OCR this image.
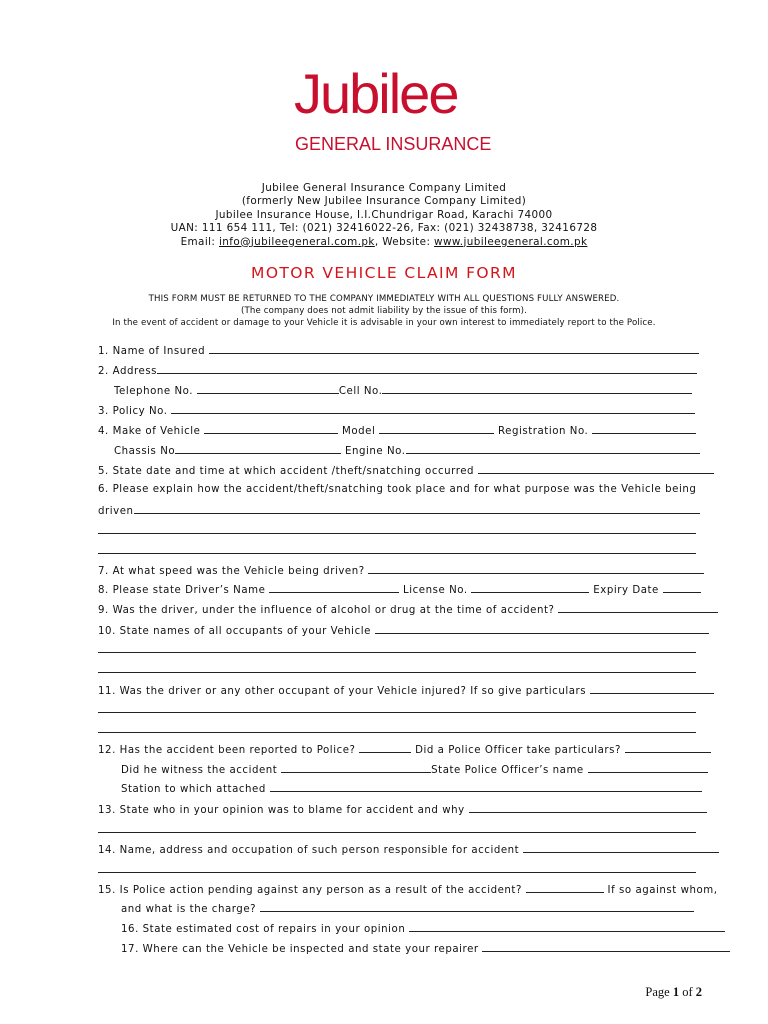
Jubilee
GENERAL INSURANCE
Jubilee General Insurance Company Limited
(formerly New Jubilee Insurance Company Limited)
Jubilee Insurance House, I.I.Chundrigar Road, Karachi 74000
UAN: 111 654 111, Tel: (021) 32416022-26, Fax: (021) 32438738, 32416728
Email: info@jubileegeneral.com.pk, Website: www.jubileegeneral.com.pk
MOTOR VEHICLE CLAIM FORM
THIS FORM MUST BE RETURNED TO THE COMPANY IMMEDIATELY WITH ALL QUESTIONS FULLY ANSWERED.
(The company does not admit liability by the issue of this form).
In the event of accident or damage to your Vehicle it is advisable in your own interest to immediately report to the Police.
1. Name of Insured
2. Address
Telephone No.	Cell No.
3. Policy No.
4. Make of Vehicle	Model	Registration No.
Chassis No	Engine No.
5. State date and time at which accident /theft/snatching occurred
6. Please explain how the accident/theft/snatching took place and for what purpose was the Vehicle being
driven
7. At what speed was the Vehicle being driven?
8. Please state Driver’s Name	License No.	Expiry Date
9. Was the driver, under the influence of alcohol or drug at the time of accident?
10. State names of all occupants of your Vehicle
11. Was the driver or any other occupant of your Vehicle injured? If so give particulars
12. Has the accident been reported to Police?	Did a Police Officer take particulars?
Did he witness the accident	State Police Officer’s name
Station to which attached
13. State who in your opinion was to blame for accident and why
14. Name, address and occupation of such person responsible for accident
15. Is Police action pending against any person as a result of the accident?	If so against whom,
and what is the charge?
16. State estimated cost of repairs in your opinion
17. Where can the Vehicle be inspected and state your repairer
Page 1 of 2
